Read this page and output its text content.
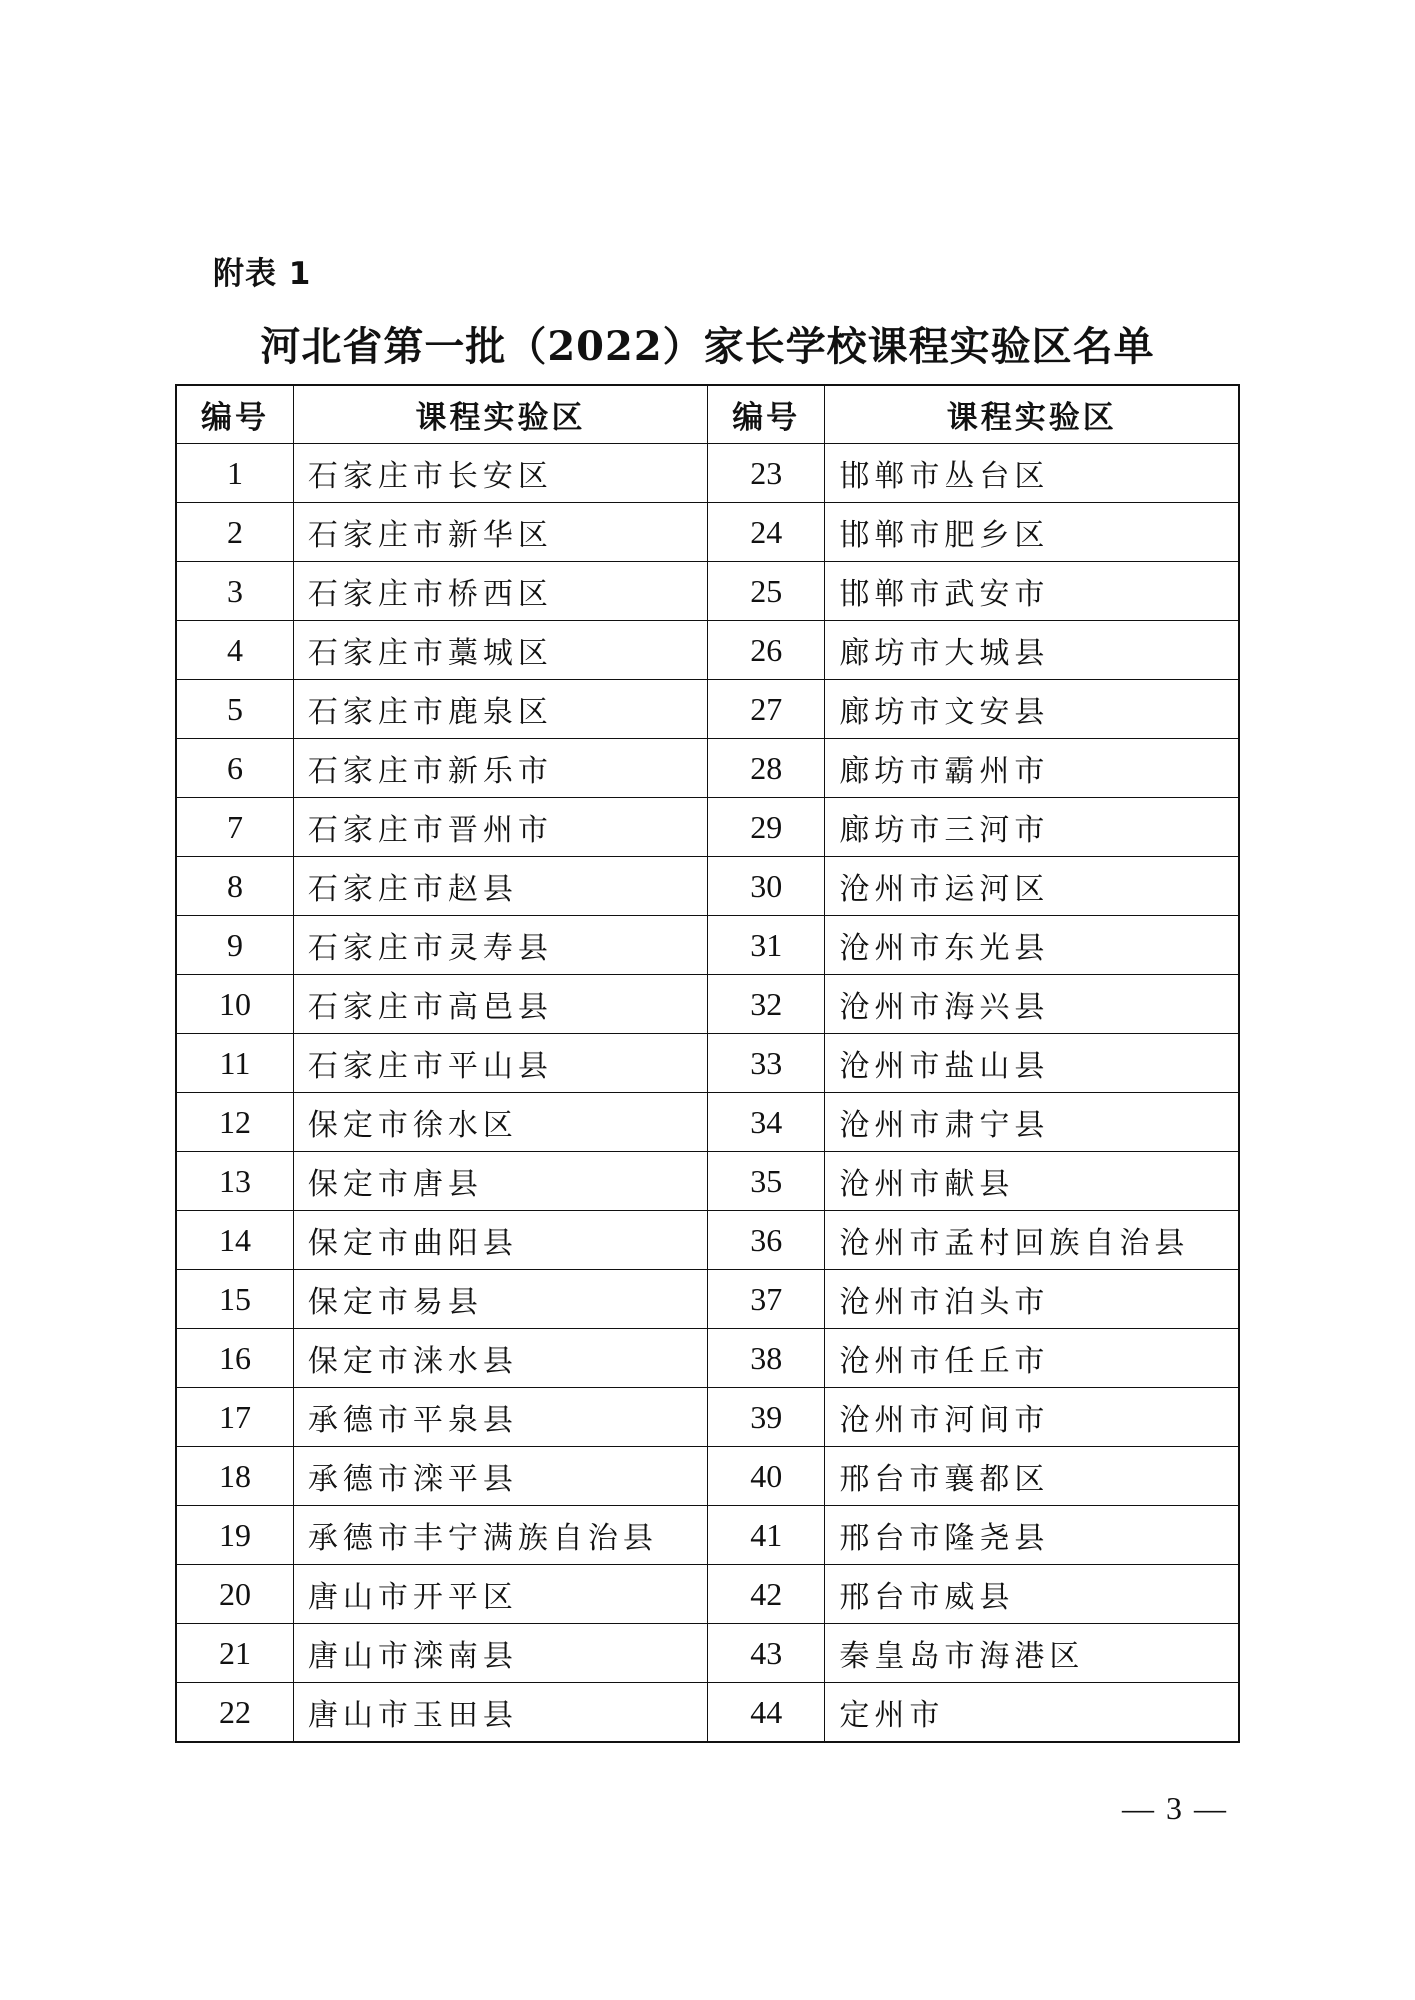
附表 1
河北省第一批（2022）家长学校课程实验区名单
编号	课程实验区	编号	课程实验区
1	石家庄市长安区	23	邯郸市丛台区
2	石家庄市新华区	24	邯郸市肥乡区
3	石家庄市桥西区	25	邯郸市武安市
4	石家庄市藁城区	26	廊坊市大城县
5	石家庄市鹿泉区	27	廊坊市文安县
6	石家庄市新乐市	28	廊坊市霸州市
7	石家庄市晋州市	29	廊坊市三河市
8	石家庄市赵县	30	沧州市运河区
9	石家庄市灵寿县	31	沧州市东光县
10	石家庄市高邑县	32	沧州市海兴县
11	石家庄市平山县	33	沧州市盐山县
12	保定市徐水区	34	沧州市肃宁县
13	保定市唐县	35	沧州市献县
14	保定市曲阳县	36	沧州市孟村回族自治县
15	保定市易县	37	沧州市泊头市
16	保定市涞水县	38	沧州市任丘市
17	承德市平泉县	39	沧州市河间市
18	承德市滦平县	40	邢台市襄都区
19	承德市丰宁满族自治县	41	邢台市隆尧县
20	唐山市开平区	42	邢台市威县
21	唐山市滦南县	43	秦皇岛市海港区
22	唐山市玉田县	44	定州市
— 3 —
